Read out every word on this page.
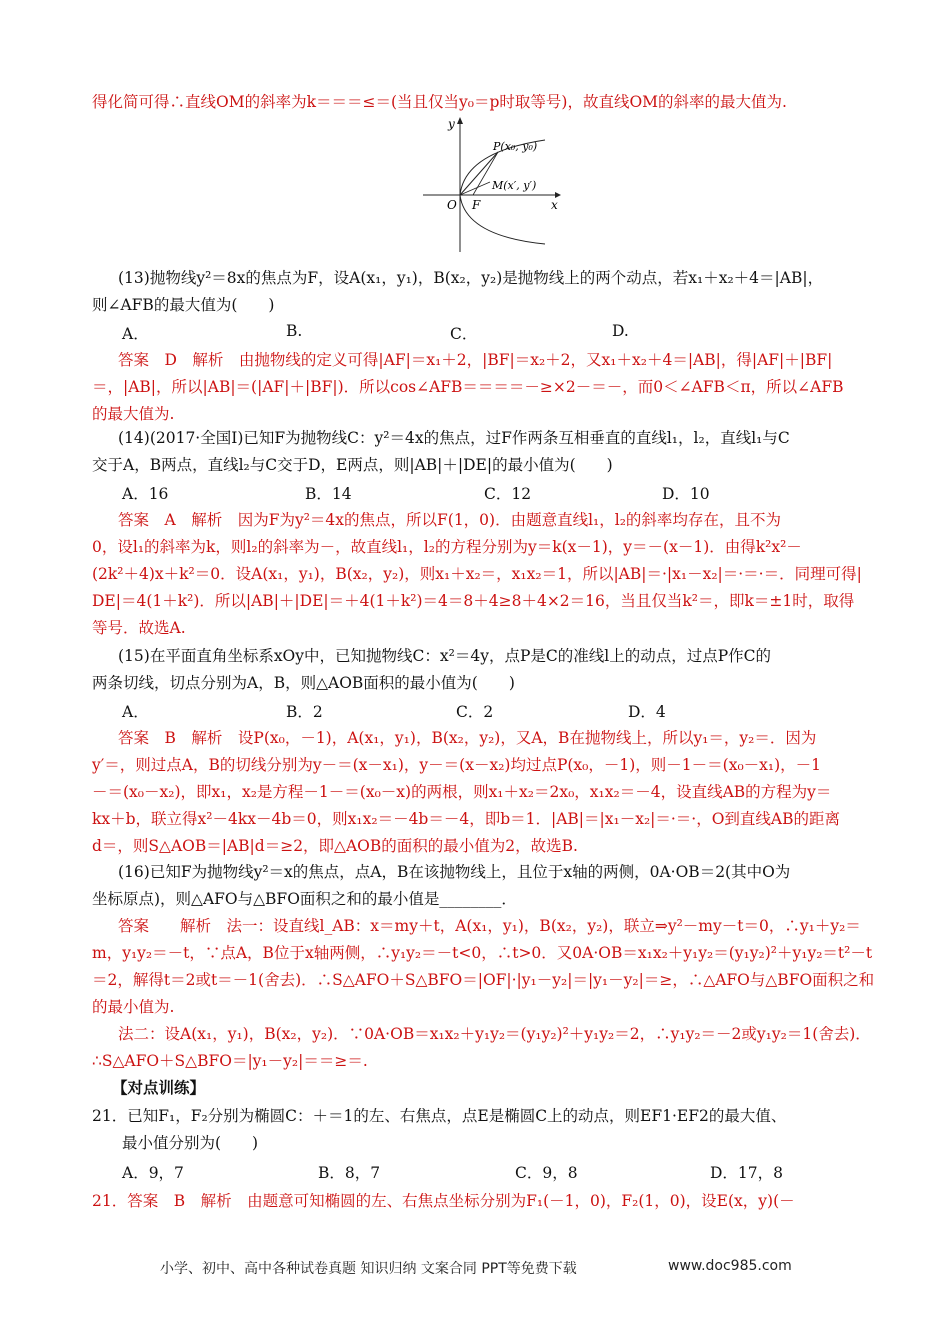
得化简可得∴直线OM的斜率为k＝＝＝≤＝(当且仅当y₀＝p时取等号)，故直线OM的斜率的最大值为.
y
x
O F
P(x₀, y₀)
M(x′, y′)
(13)抛物线y²＝8x的焦点为F，设A(x₁，y₁)，B(x₂，y₂)是抛物线上的两个动点，若x₁＋x₂＋4＝|AB|，
则∠AFB的最大值为(　　)
A．	B.	C．	D.
答案　D　解析　由抛物线的定义可得|AF|＝x₁＋2，|BF|＝x₂＋2，又x₁＋x₂＋4＝|AB|，得|AF|＋|BF|
＝，|AB|，所以|AB|＝(|AF|＋|BF|)．所以cos∠AFB＝＝＝＝－≥×2－＝－，而0＜∠AFB＜π，所以∠AFB
的最大值为.
(14)(2017·全国Ⅰ)已知F为抛物线C：y²＝4x的焦点，过F作两条互相垂直的直线l₁，l₂，直线l₁与C
交于A，B两点，直线l₂与C交于D，E两点，则|AB|＋|DE|的最小值为(　　)
A．16	B．14	C．12	D．10
答案　A　解析　因为F为y²＝4x的焦点，所以F(1，0)．由题意直线l₁，l₂的斜率均存在，且不为
0，设l₁的斜率为k，则l₂的斜率为－，故直线l₁，l₂的方程分别为y＝k(x－1)，y＝－(x－1)．由得k²x²－
(2k²＋4)x＋k²＝0．设A(x₁，y₁)，B(x₂，y₂)，则x₁＋x₂＝，x₁x₂＝1，所以|AB|＝·|x₁－x₂|＝·＝·＝．同理可得|
DE|＝4(1＋k²)．所以|AB|＋|DE|＝＋4(1＋k²)＝4＝8＋4≥8＋4×2＝16，当且仅当k²＝，即k＝±1时，取得
等号．故选A.
(15)在平面直角坐标系xOy中，已知抛物线C：x²＝4y，点P是C的准线l上的动点，过点P作C的
两条切线，切点分别为A，B，则△AOB面积的最小值为(　　)
A．	B．2	C．2	D．4
答案　B　解析　设P(x₀，－1)，A(x₁，y₁)，B(x₂，y₂)，又A，B在抛物线上，所以y₁＝，y₂＝．因为
y′＝，则过点A，B的切线分别为y－＝(x－x₁)，y－＝(x－x₂)均过点P(x₀，－1)，则－1－＝(x₀－x₁)，－1
－＝(x₀－x₂)，即x₁，x₂是方程－1－＝(x₀－x)的两根，则x₁＋x₂＝2x₀，x₁x₂＝－4，设直线AB的方程为y＝
kx＋b，联立得x²－4kx－4b＝0，则x₁x₂＝－4b＝－4，即b＝1．|AB|＝|x₁－x₂|＝·＝·，O到直线AB的距离
d＝，则S△AOB＝|AB|d＝≥2，即△AOB的面积的最小值为2，故选B.
(16)已知F为抛物线y²＝x的焦点，点A，B在该抛物线上，且位于x轴的两侧，0A·OB＝2(其中O为
坐标原点)，则△AFO与△BFO面积之和的最小值是________．
答案　　解析　法一：设直线l_AB：x＝my＋t，A(x₁，y₁)，B(x₂，y₂)，联立⇒y²－my－t＝0，∴y₁＋y₂＝
m，y₁y₂＝－t，∵点A，B位于x轴两侧，∴y₁y₂＝－t<0，∴t>0．又0A·OB＝x₁x₂＋y₁y₂＝(y₁y₂)²＋y₁y₂＝t²－t
＝2，解得t＝2或t＝－1(舍去)．∴S△AFO＋S△BFO＝|OF|·|y₁－y₂|＝|y₁－y₂|＝≥，∴△AFO与△BFO面积之和
的最小值为.
法二：设A(x₁，y₁)，B(x₂，y₂)．∵0A·OB＝x₁x₂＋y₁y₂＝(y₁y₂)²＋y₁y₂＝2，∴y₁y₂＝－2或y₁y₂＝1(舍去)．
∴S△AFO＋S△BFO＝|y₁－y₂|＝＝≥＝.
【对点训练】
21．已知F₁，F₂分别为椭圆C：＋＝1的左、右焦点，点E是椭圆C上的动点，则EF1·EF2的最大值、
最小值分别为(　　)
A．9，7	B．8，7	C．9，8	D．17，8
21．答案　B　解析　由题意可知椭圆的左、右焦点坐标分别为F₁(－1，0)，F₂(1，0)，设E(x，y)(－
小学、初中、高中各种试卷真题 知识归纳 文案合同 PPT等免费下载	www.doc985.com
